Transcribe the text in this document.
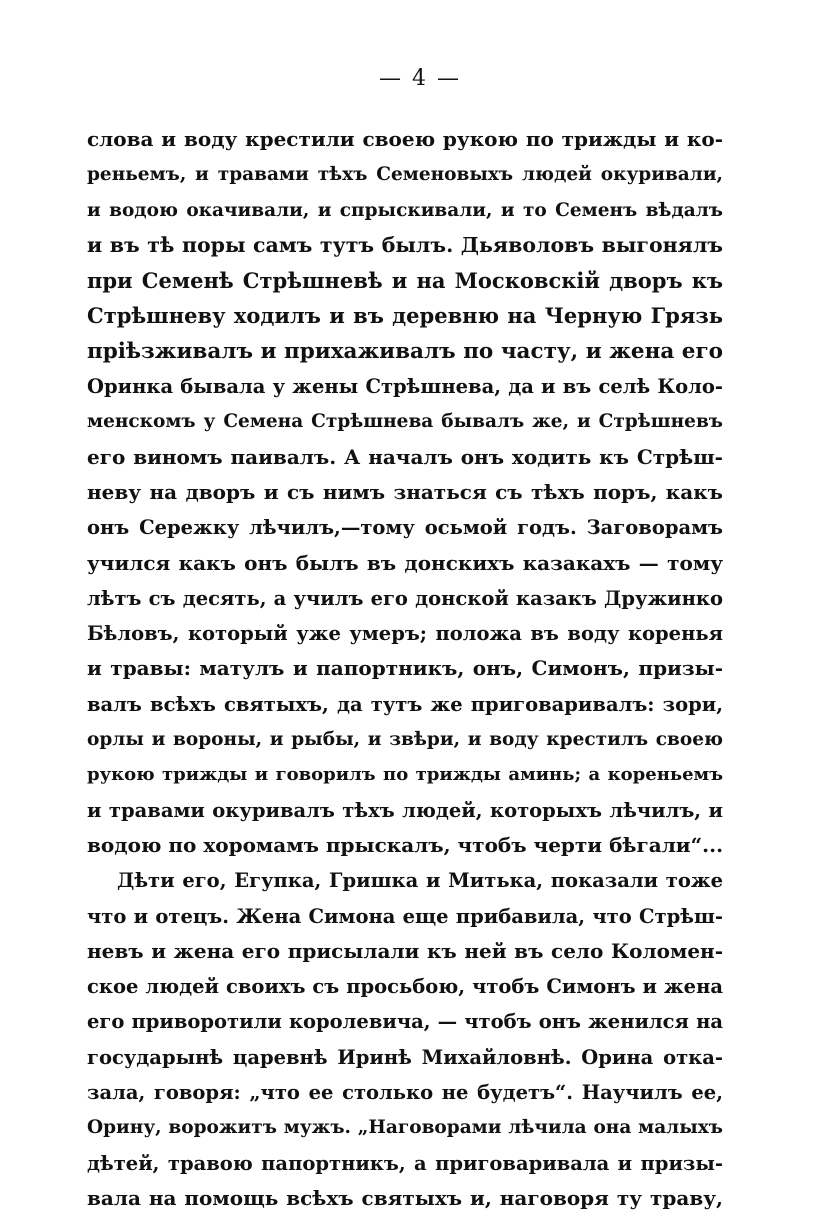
— 4 —
слова и воду крестили своею рукою по трижды и ко-
реньемъ, и травами тѣхъ Семеновыхъ людей окуривали,
и водою окачивали, и спрыскивали, и то Семенъ вѣдалъ
и въ тѣ поры самъ тутъ былъ. Дьяволовъ выгонялъ
при Семенѣ Стрѣшневѣ и на Московскій дворъ къ
Стрѣшневу ходилъ и въ деревню на Черную Грязь
пріѣзживалъ и прихаживалъ по часту, и жена его
Оринка бывала у жены Стрѣшнева, да и въ селѣ Коло-
менскомъ у Семена Стрѣшнева бывалъ же, и Стрѣшневъ
его виномъ паивалъ. А началъ онъ ходить къ Стрѣш-
неву на дворъ и съ нимъ знаться съ тѣхъ поръ, какъ
онъ Сережку лѣчилъ,—тому осьмой годъ. Заговорамъ
учился какъ онъ былъ въ донскихъ казакахъ — тому
лѣтъ съ десять, а училъ его донской казакъ Дружинко
Бѣловъ, который уже умеръ; положа въ воду коренья
и травы: матулъ и папортникъ, онъ, Симонъ, призы-
валъ всѣхъ святыхъ, да тутъ же приговаривалъ: зори,
орлы и вороны, и рыбы, и звѣри, и воду крестилъ своею
рукою трижды и говорилъ по трижды аминь; а кореньемъ
и травами окуривалъ тѣхъ людей, которыхъ лѣчилъ, и
водою по хоромамъ прыскалъ, чтобъ черти бѣгали“...
Дѣти его, Егупка, Гришка и Митька, показали тоже
что и отецъ. Жена Симона еще прибавила, что Стрѣш-
невъ и жена его присылали къ ней въ село Коломен-
ское людей своихъ съ просьбою, чтобъ Симонъ и жена
его приворотили королевича, — чтобъ онъ женился на
государынѣ царевнѣ Иринѣ Михайловнѣ. Орина отка-
зала, говоря: „что ее столько не будетъ“. Научилъ ее,
Орину, ворожитъ мужъ. „Наговорами лѣчила она малыхъ
дѣтей, травою папортникъ, а приговаривала и призы-
вала на помощь всѣхъ святыхъ и, наговоря ту траву,
